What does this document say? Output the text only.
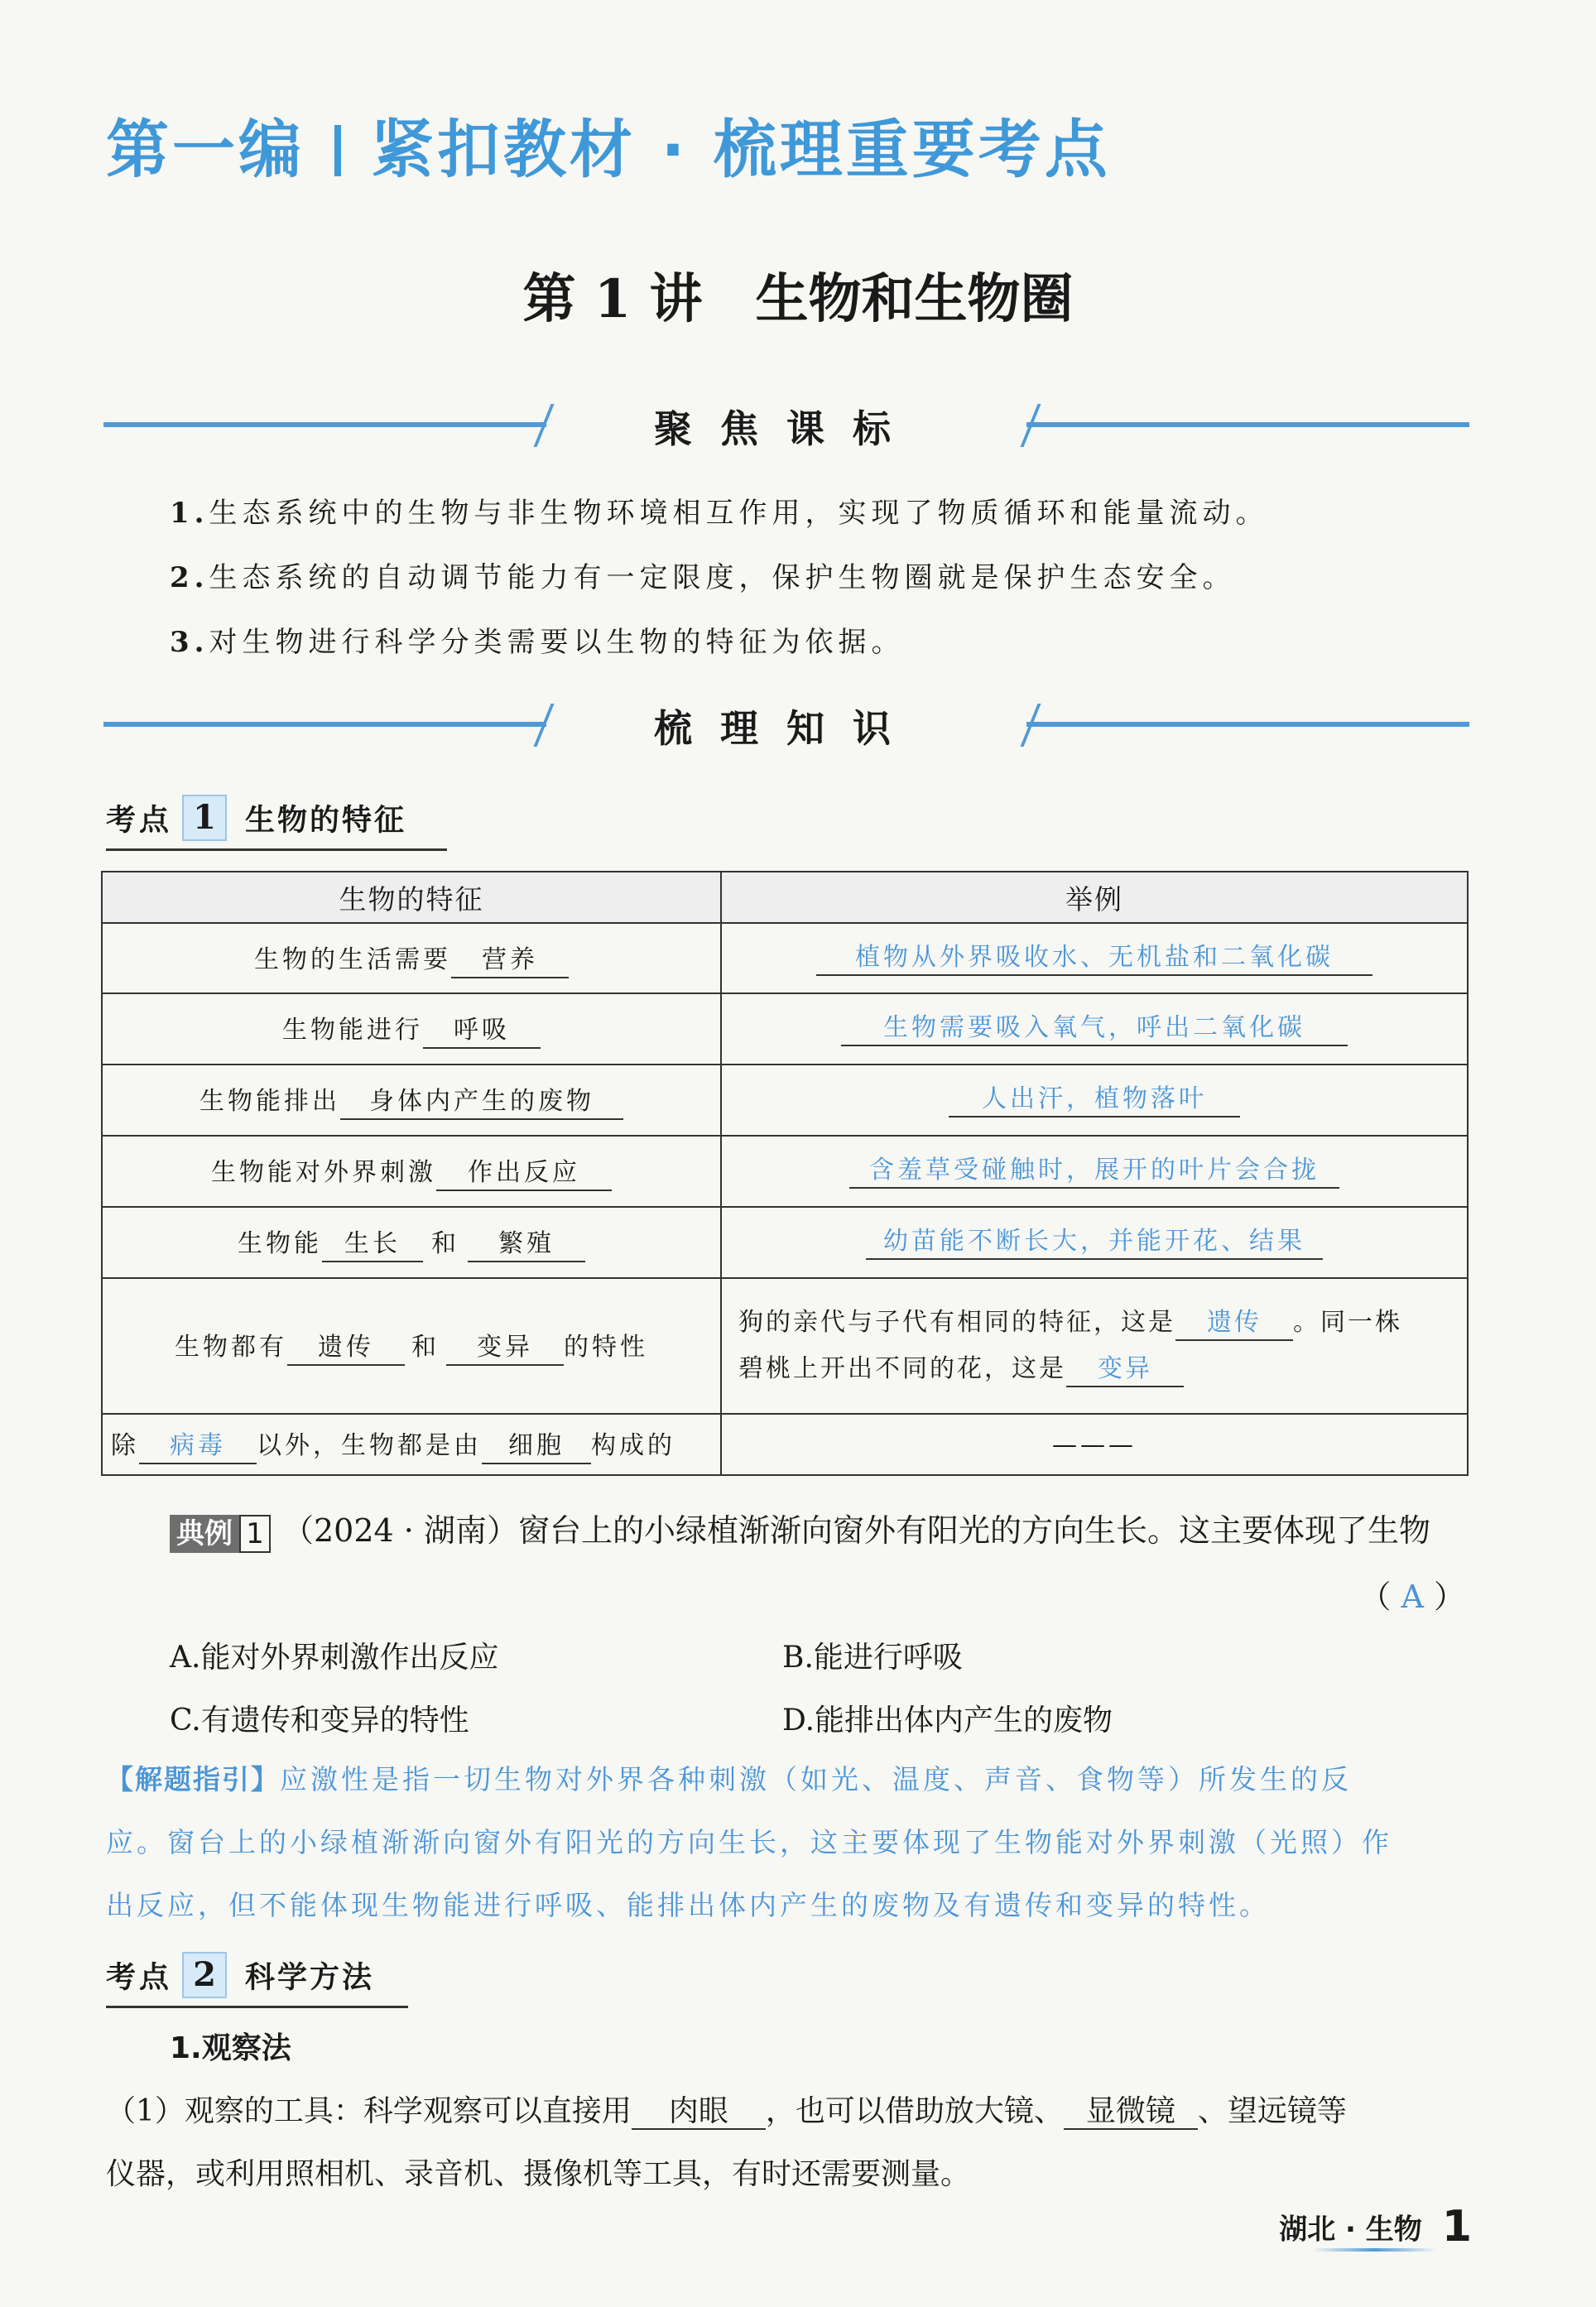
第一编 紧扣教材 · 梳理重要考点
第 1 讲 生物和生物圈
聚焦课标
1.生态系统中的生物与非生物环境相互作用，实现了物质循环和能量流动。
2.生态系统的自动调节能力有一定限度，保护生物圈就是保护生态安全。
3.对生物进行科学分类需要以生物的特征为依据。
梳理知识
考点 1 生物的特征
生物的特征	举例
生物的生活需要 营养	植物从外界吸收水、无机盐和二氧化碳
生物能进行 呼吸	生物需要吸入氧气，呼出二氧化碳
生物能排出 身体内产生的废物	人出汗，植物落叶
生物能对外界刺激 作出反应	含羞草受碰触时，展开的叶片会合拢
生物能 生长 和 繁殖	幼苗能不断长大，并能开花、结果
生物都有 遗传 和 变异 的特性	狗的亲代与子代有相同的特征，这是 遗传 。同一株
碧桃上开出不同的花，这是 变异

除 病毒 以外，生物都是由 细胞 构成的	———
典例 1 （2024 · 湖南）窗台上的小绿植渐渐向窗外有阳光的方向生长。这主要体现了生物
（ A ）
A.能对外界刺激作出反应	B.能进行呼吸
C.有遗传和变异的特性	D.能排出体内产生的废物
【解题指引】应激性是指一切生物对外界各种刺激（如光、温度、声音、食物等）所发生的反
应。窗台上的小绿植渐渐向窗外有阳光的方向生长，这主要体现了生物能对外界刺激（光照）作
出反应，但不能体现生物能进行呼吸、能排出体内产生的废物及有遗传和变异的特性。
考点 2 科学方法
1.观察法
（1）观察的工具：科学观察可以直接用 肉眼 ，也可以借助放大镜、 显微镜 、望远镜等
仪器，或利用照相机、录音机、摄像机等工具，有时还需要测量。
湖北 · 生物 1
